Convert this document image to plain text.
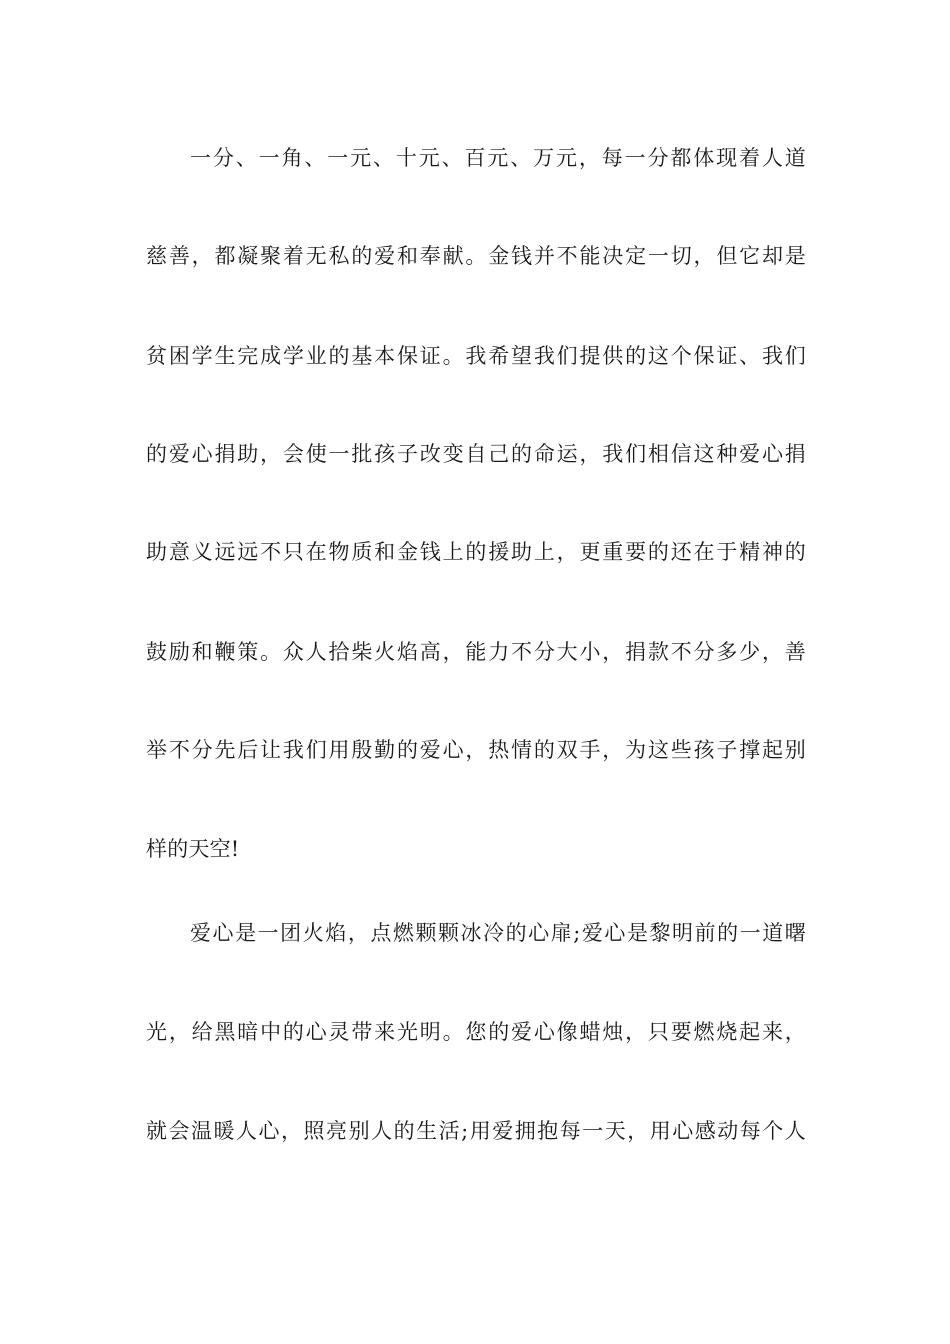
一分、一角、一元、十元、百元、万元，每一分都体现着人道
慈善，都凝聚着无私的爱和奉献。金钱并不能决定一切，但它却是
贫困学生完成学业的基本保证。我希望我们提供的这个保证、我们
的爱心捐助，会使一批孩子改变自己的命运，我们相信这种爱心捐
助意义远远不只在物质和金钱上的援助上，更重要的还在于精神的
鼓励和鞭策。众人拾柴火焰高，能力不分大小，捐款不分多少，善
举不分先后让我们用殷勤的爱心，热情的双手，为这些孩子撑起别
样的天空!
爱心是一团火焰，点燃颗颗冰冷的心扉;爱心是黎明前的一道曙
光，给黑暗中的心灵带来光明。您的爱心像蜡烛，只要燃烧起来，
就会温暖人心，照亮别人的生活;用爱拥抱每一天，用心感动每个人
